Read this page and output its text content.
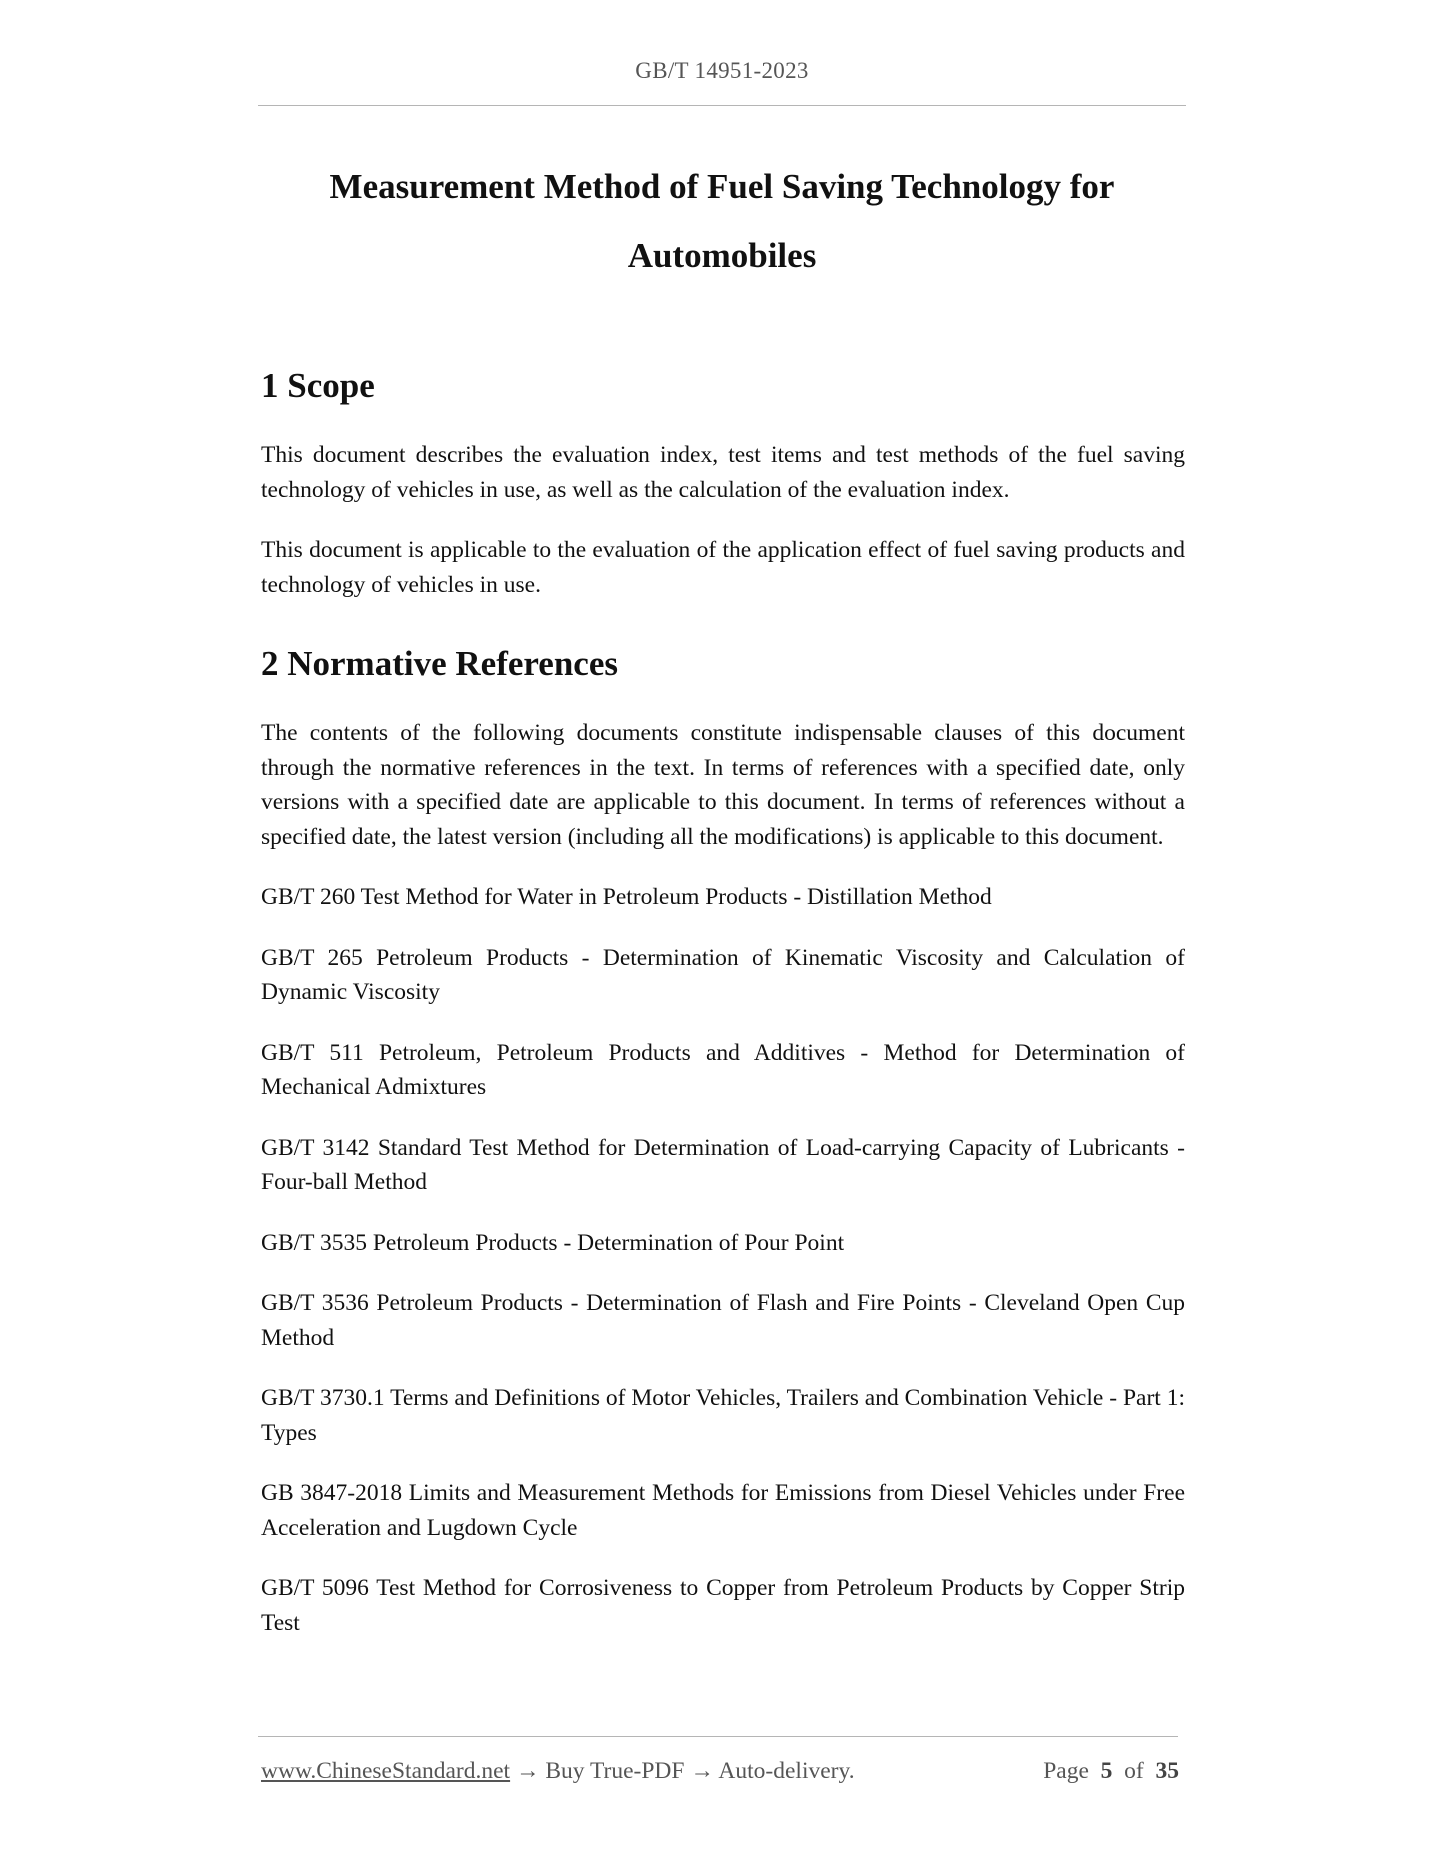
GB/T 14951-2023
Measurement Method of Fuel Saving Technology for
Automobiles
1 Scope

This document describes the evaluation index, test items and test methods of the fuel saving technology of vehicles in use, as well as the calculation of the evaluation index.

This document is applicable to the evaluation of the application effect of fuel saving products and technology of vehicles in use.

2 Normative References

The contents of the following documents constitute indispensable clauses of this document through the normative references in the text. In terms of references with a specified date, only versions with a specified date are applicable to this document. In terms of references without a specified date, the latest version (including all the modifications) is applicable to this document.

GB/T 260 Test Method for Water in Petroleum Products - Distillation Method

GB/T 265 Petroleum Products - Determination of Kinematic Viscosity and Calculation of Dynamic Viscosity

GB/T 511 Petroleum, Petroleum Products and Additives - Method for Determination of Mechanical Admixtures

GB/T 3142 Standard Test Method for Determination of Load-carrying Capacity of Lubricants - Four-ball Method

GB/T 3535 Petroleum Products - Determination of Pour Point

GB/T 3536 Petroleum Products - Determination of Flash and Fire Points - Cleveland Open Cup Method

GB/T 3730.1 Terms and Definitions of Motor Vehicles, Trailers and Combination Vehicle - Part 1: Types

GB 3847-2018 Limits and Measurement Methods for Emissions from Diesel Vehicles under Free Acceleration and Lugdown Cycle

GB/T 5096 Test Method for Corrosiveness to Copper from Petroleum Products by Copper Strip Test

www.ChineseStandard.net → Buy True-PDF → Auto-delivery.	Page 5 of 35
